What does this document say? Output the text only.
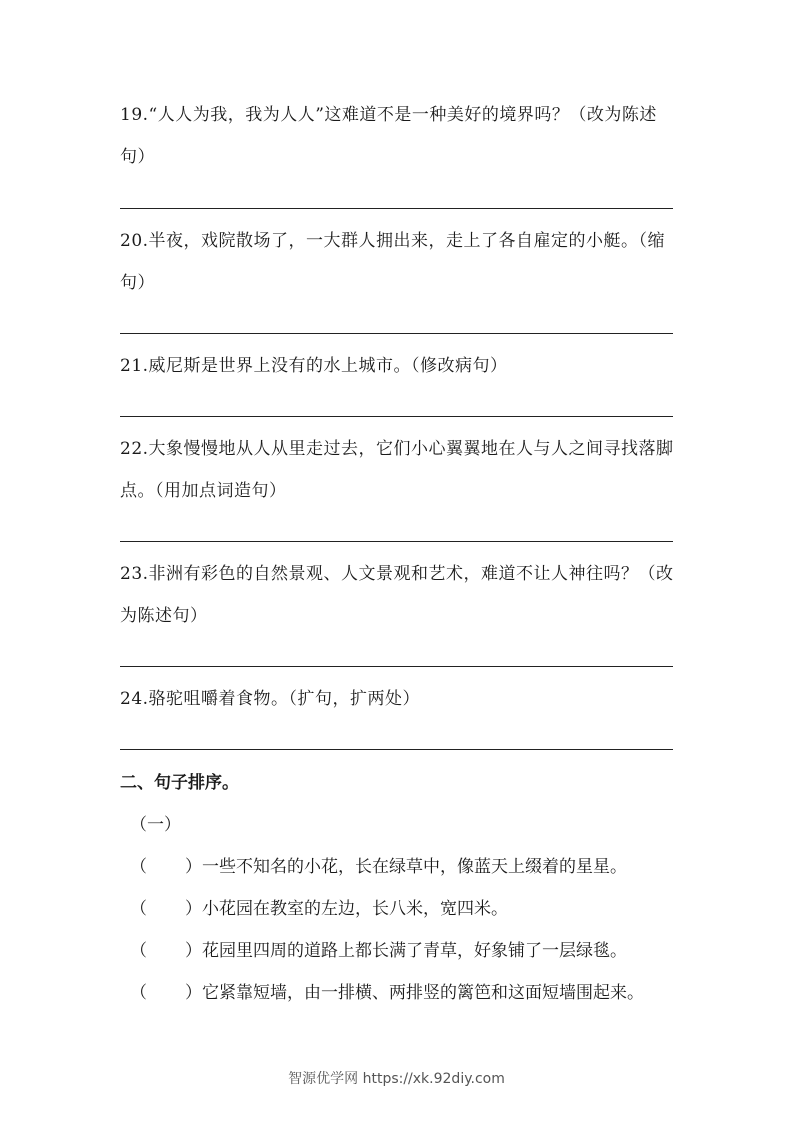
19.“人人为我，我为人人”这难道不是一种美好的境界吗？（改为陈述句）
20.半夜，戏院散场了，一大群人拥出来，走上了各自雇定的小艇。（缩句）
21.威尼斯是世界上没有的水上城市。（修改病句）
22.大象慢慢地从人从里走过去，它们小心翼翼地在人与人之间寻找落脚点。（用加点词造句）
23.非洲有彩色的自然景观、人文景观和艺术，难道不让人神往吗？（改为陈述句）
24.骆驼咀嚼着食物。（扩句，扩两处）
二、句子排序。
（一）
（ ） 一些不知名的小花，长在绿草中，像蓝天上缀着的星星。
（ ） 小花园在教室的左边，长八米，宽四米。
（ ） 花园里四周的道路上都长满了青草，好象铺了一层绿毯。
（ ） 它紧靠短墙，由一排横、两排竖的篱笆和这面短墙围起来。
智源优学网 https://xk.92diy.com
